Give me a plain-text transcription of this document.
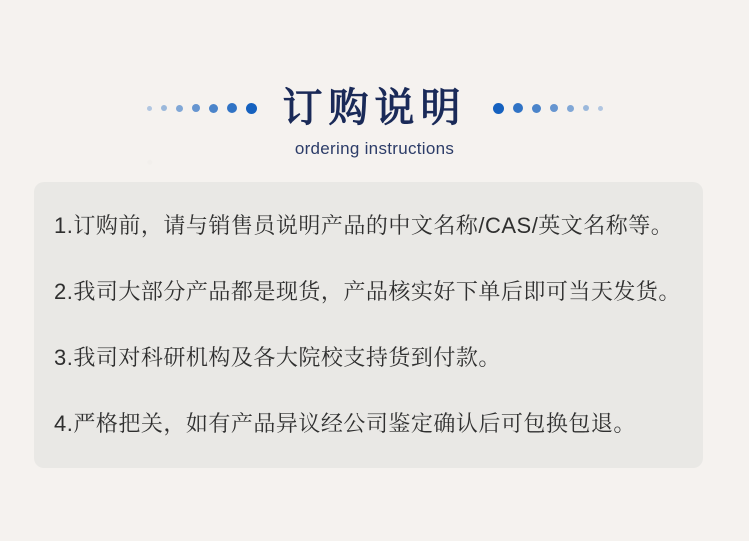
订购说明
ordering instructions
1.订购前，请与销售员说明产品的中文名称/CAS/英文名称等。
2.我司大部分产品都是现货，产品核实好下单后即可当天发货。
3.我司对科研机构及各大院校支持货到付款。
4.严格把关，如有产品异议经公司鉴定确认后可包换包退。
